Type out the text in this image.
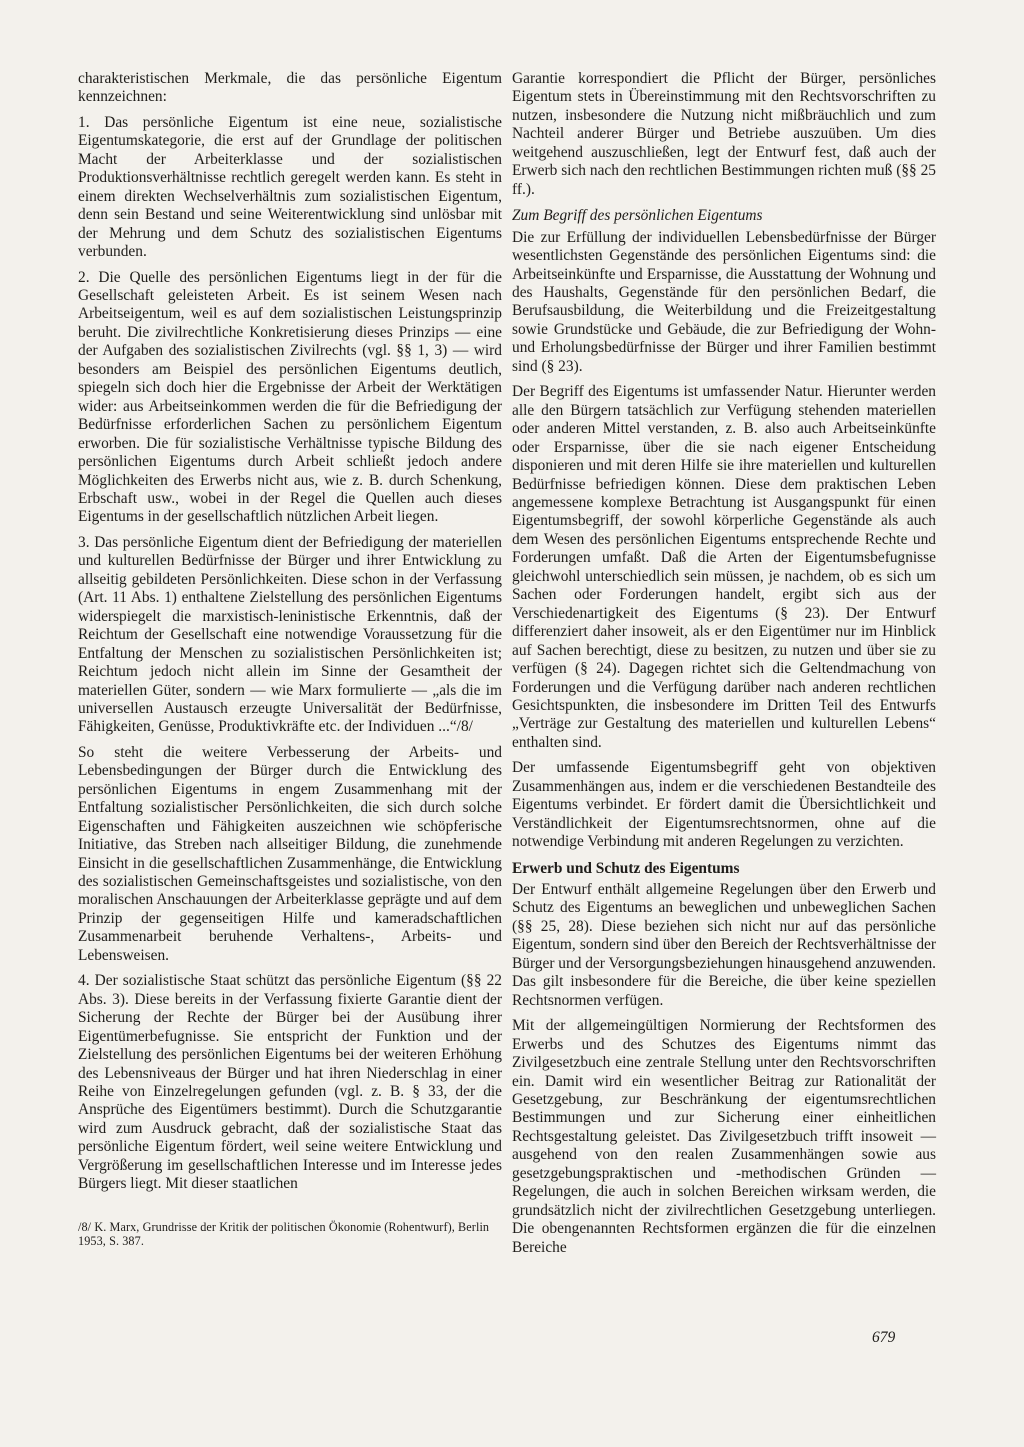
charakteristischen Merkmale, die das persönliche Eigentum kennzeichnen:

1. Das persönliche Eigentum ist eine neue, sozialistische Eigentumskategorie, die erst auf der Grundlage der politischen Macht der Arbeiterklasse und der sozialistischen Produktionsverhältnisse rechtlich geregelt werden kann. Es steht in einem direkten Wechselverhältnis zum sozialistischen Eigentum, denn sein Bestand und seine Weiterentwicklung sind unlösbar mit der Mehrung und dem Schutz des sozialistischen Eigentums verbunden.

2. Die Quelle des persönlichen Eigentums liegt in der für die Gesellschaft geleisteten Arbeit. Es ist seinem Wesen nach Arbeitseigentum, weil es auf dem sozialistischen Leistungsprinzip beruht. Die zivilrechtliche Konkretisierung dieses Prinzips — eine der Aufgaben des sozialistischen Zivilrechts (vgl. §§ 1, 3) — wird besonders am Beispiel des persönlichen Eigentums deutlich, spiegeln sich doch hier die Ergebnisse der Arbeit der Werktätigen wider: aus Arbeitseinkommen werden die für die Befriedigung der Bedürfnisse erforderlichen Sachen zu persönlichem Eigentum erworben. Die für sozialistische Verhältnisse typische Bildung des persönlichen Eigentums durch Arbeit schließt jedoch andere Möglichkeiten des Erwerbs nicht aus, wie z. B. durch Schenkung, Erbschaft usw., wobei in der Regel die Quellen auch dieses Eigentums in der gesellschaftlich nützlichen Arbeit liegen.

3. Das persönliche Eigentum dient der Befriedigung der materiellen und kulturellen Bedürfnisse der Bürger und ihrer Entwicklung zu allseitig gebildeten Persönlichkeiten. Diese schon in der Verfassung (Art. 11 Abs. 1) enthaltene Zielstellung des persönlichen Eigentums widerspiegelt die marxistisch-leninistische Erkenntnis, daß der Reichtum der Gesellschaft eine notwendige Voraussetzung für die Entfaltung der Menschen zu sozialistischen Persönlichkeiten ist; Reichtum jedoch nicht allein im Sinne der Gesamtheit der materiellen Güter, sondern — wie Marx formulierte — „als die im universellen Austausch erzeugte Universalität der Bedürfnisse, Fähigkeiten, Genüsse, Produktivkräfte etc. der Individuen ...“/8/

So steht die weitere Verbesserung der Arbeits- und Lebensbedingungen der Bürger durch die Entwicklung des persönlichen Eigentums in engem Zusammenhang mit der Entfaltung sozialistischer Persönlichkeiten, die sich durch solche Eigenschaften und Fähigkeiten auszeichnen wie schöpferische Initiative, das Streben nach allseitiger Bildung, die zunehmende Einsicht in die gesellschaftlichen Zusammenhänge, die Entwicklung des sozialistischen Gemeinschaftsgeistes und sozialistische, von den moralischen Anschauungen der Arbeiterklasse geprägte und auf dem Prinzip der gegenseitigen Hilfe und kameradschaftlichen Zusammenarbeit beruhende Verhaltens-, Arbeits- und Lebensweisen.

4. Der sozialistische Staat schützt das persönliche Eigentum (§§ 22 Abs. 3). Diese bereits in der Verfassung fixierte Garantie dient der Sicherung der Rechte der Bürger bei der Ausübung ihrer Eigentümerbefugnisse. Sie entspricht der Funktion und der Zielstellung des persönlichen Eigentums bei der weiteren Erhöhung des Lebensniveaus der Bürger und hat ihren Niederschlag in einer Reihe von Einzelregelungen gefunden (vgl. z. B. § 33, der die Ansprüche des Eigentümers bestimmt). Durch die Schutzgarantie wird zum Ausdruck gebracht, daß der sozialistische Staat das persönliche Eigentum fördert, weil seine weitere Entwicklung und Vergrößerung im gesellschaftlichen Interesse und im Interesse jedes Bürgers liegt. Mit dieser staatlichen

/8/ K. Marx, Grundrisse der Kritik der politischen Ökonomie (Rohentwurf), Berlin 1953, S. 387.

Garantie korrespondiert die Pflicht der Bürger, persönliches Eigentum stets in Übereinstimmung mit den Rechtsvorschriften zu nutzen, insbesondere die Nutzung nicht mißbräuchlich und zum Nachteil anderer Bürger und Betriebe auszuüben. Um dies weitgehend auszuschließen, legt der Entwurf fest, daß auch der Erwerb sich nach den rechtlichen Bestimmungen richten muß (§§ 25 ff.).

Zum Begriff des persönlichen Eigentums

Die zur Erfüllung der individuellen Lebensbedürfnisse der Bürger wesentlichsten Gegenstände des persönlichen Eigentums sind: die Arbeitseinkünfte und Ersparnisse, die Ausstattung der Wohnung und des Haushalts, Gegenstände für den persönlichen Bedarf, die Berufsausbildung, die Weiterbildung und die Freizeitgestaltung sowie Grundstücke und Gebäude, die zur Befriedigung der Wohn- und Erholungsbedürfnisse der Bürger und ihrer Familien bestimmt sind (§ 23).

Der Begriff des Eigentums ist umfassender Natur. Hierunter werden alle den Bürgern tatsächlich zur Verfügung stehenden materiellen oder anderen Mittel verstanden, z. B. also auch Arbeitseinkünfte oder Ersparnisse, über die sie nach eigener Entscheidung disponieren und mit deren Hilfe sie ihre materiellen und kulturellen Bedürfnisse befriedigen können. Diese dem praktischen Leben angemessene komplexe Betrachtung ist Ausgangspunkt für einen Eigentumsbegriff, der sowohl körperliche Gegenstände als auch dem Wesen des persönlichen Eigentums entsprechende Rechte und Forderungen umfaßt. Daß die Arten der Eigentumsbefugnisse gleichwohl unterschiedlich sein müssen, je nachdem, ob es sich um Sachen oder Forderungen handelt, ergibt sich aus der Verschiedenartigkeit des Eigentums (§ 23). Der Entwurf differenziert daher insoweit, als er den Eigentümer nur im Hinblick auf Sachen berechtigt, diese zu besitzen, zu nutzen und über sie zu verfügen (§ 24). Dagegen richtet sich die Geltendmachung von Forderungen und die Verfügung darüber nach anderen rechtlichen Gesichtspunkten, die insbesondere im Dritten Teil des Entwurfs „Verträge zur Gestaltung des materiellen und kulturellen Lebens“ enthalten sind.

Der umfassende Eigentumsbegriff geht von objektiven Zusammenhängen aus, indem er die verschiedenen Bestandteile des Eigentums verbindet. Er fördert damit die Übersichtlichkeit und Verständlichkeit der Eigentumsrechtsnormen, ohne auf die notwendige Verbindung mit anderen Regelungen zu verzichten.

Erwerb und Schutz des Eigentums

Der Entwurf enthält allgemeine Regelungen über den Erwerb und Schutz des Eigentums an beweglichen und unbeweglichen Sachen (§§ 25, 28). Diese beziehen sich nicht nur auf das persönliche Eigentum, sondern sind über den Bereich der Rechtsverhältnisse der Bürger und der Versorgungsbeziehungen hinausgehend anzuwenden. Das gilt insbesondere für die Bereiche, die über keine speziellen Rechtsnormen verfügen.

Mit der allgemeingültigen Normierung der Rechtsformen des Erwerbs und des Schutzes des Eigentums nimmt das Zivilgesetzbuch eine zentrale Stellung unter den Rechtsvorschriften ein. Damit wird ein wesentlicher Beitrag zur Rationalität der Gesetzgebung, zur Beschränkung der eigentumsrechtlichen Bestimmungen und zur Sicherung einer einheitlichen Rechtsgestaltung geleistet. Das Zivilgesetzbuch trifft insoweit — ausgehend von den realen Zusammenhängen sowie aus gesetzgebungspraktischen und -methodischen Gründen — Regelungen, die auch in solchen Bereichen wirksam werden, die grundsätzlich nicht der zivilrechtlichen Gesetzgebung unterliegen. Die obengenannten Rechtsformen ergänzen die für die einzelnen Bereiche

679
